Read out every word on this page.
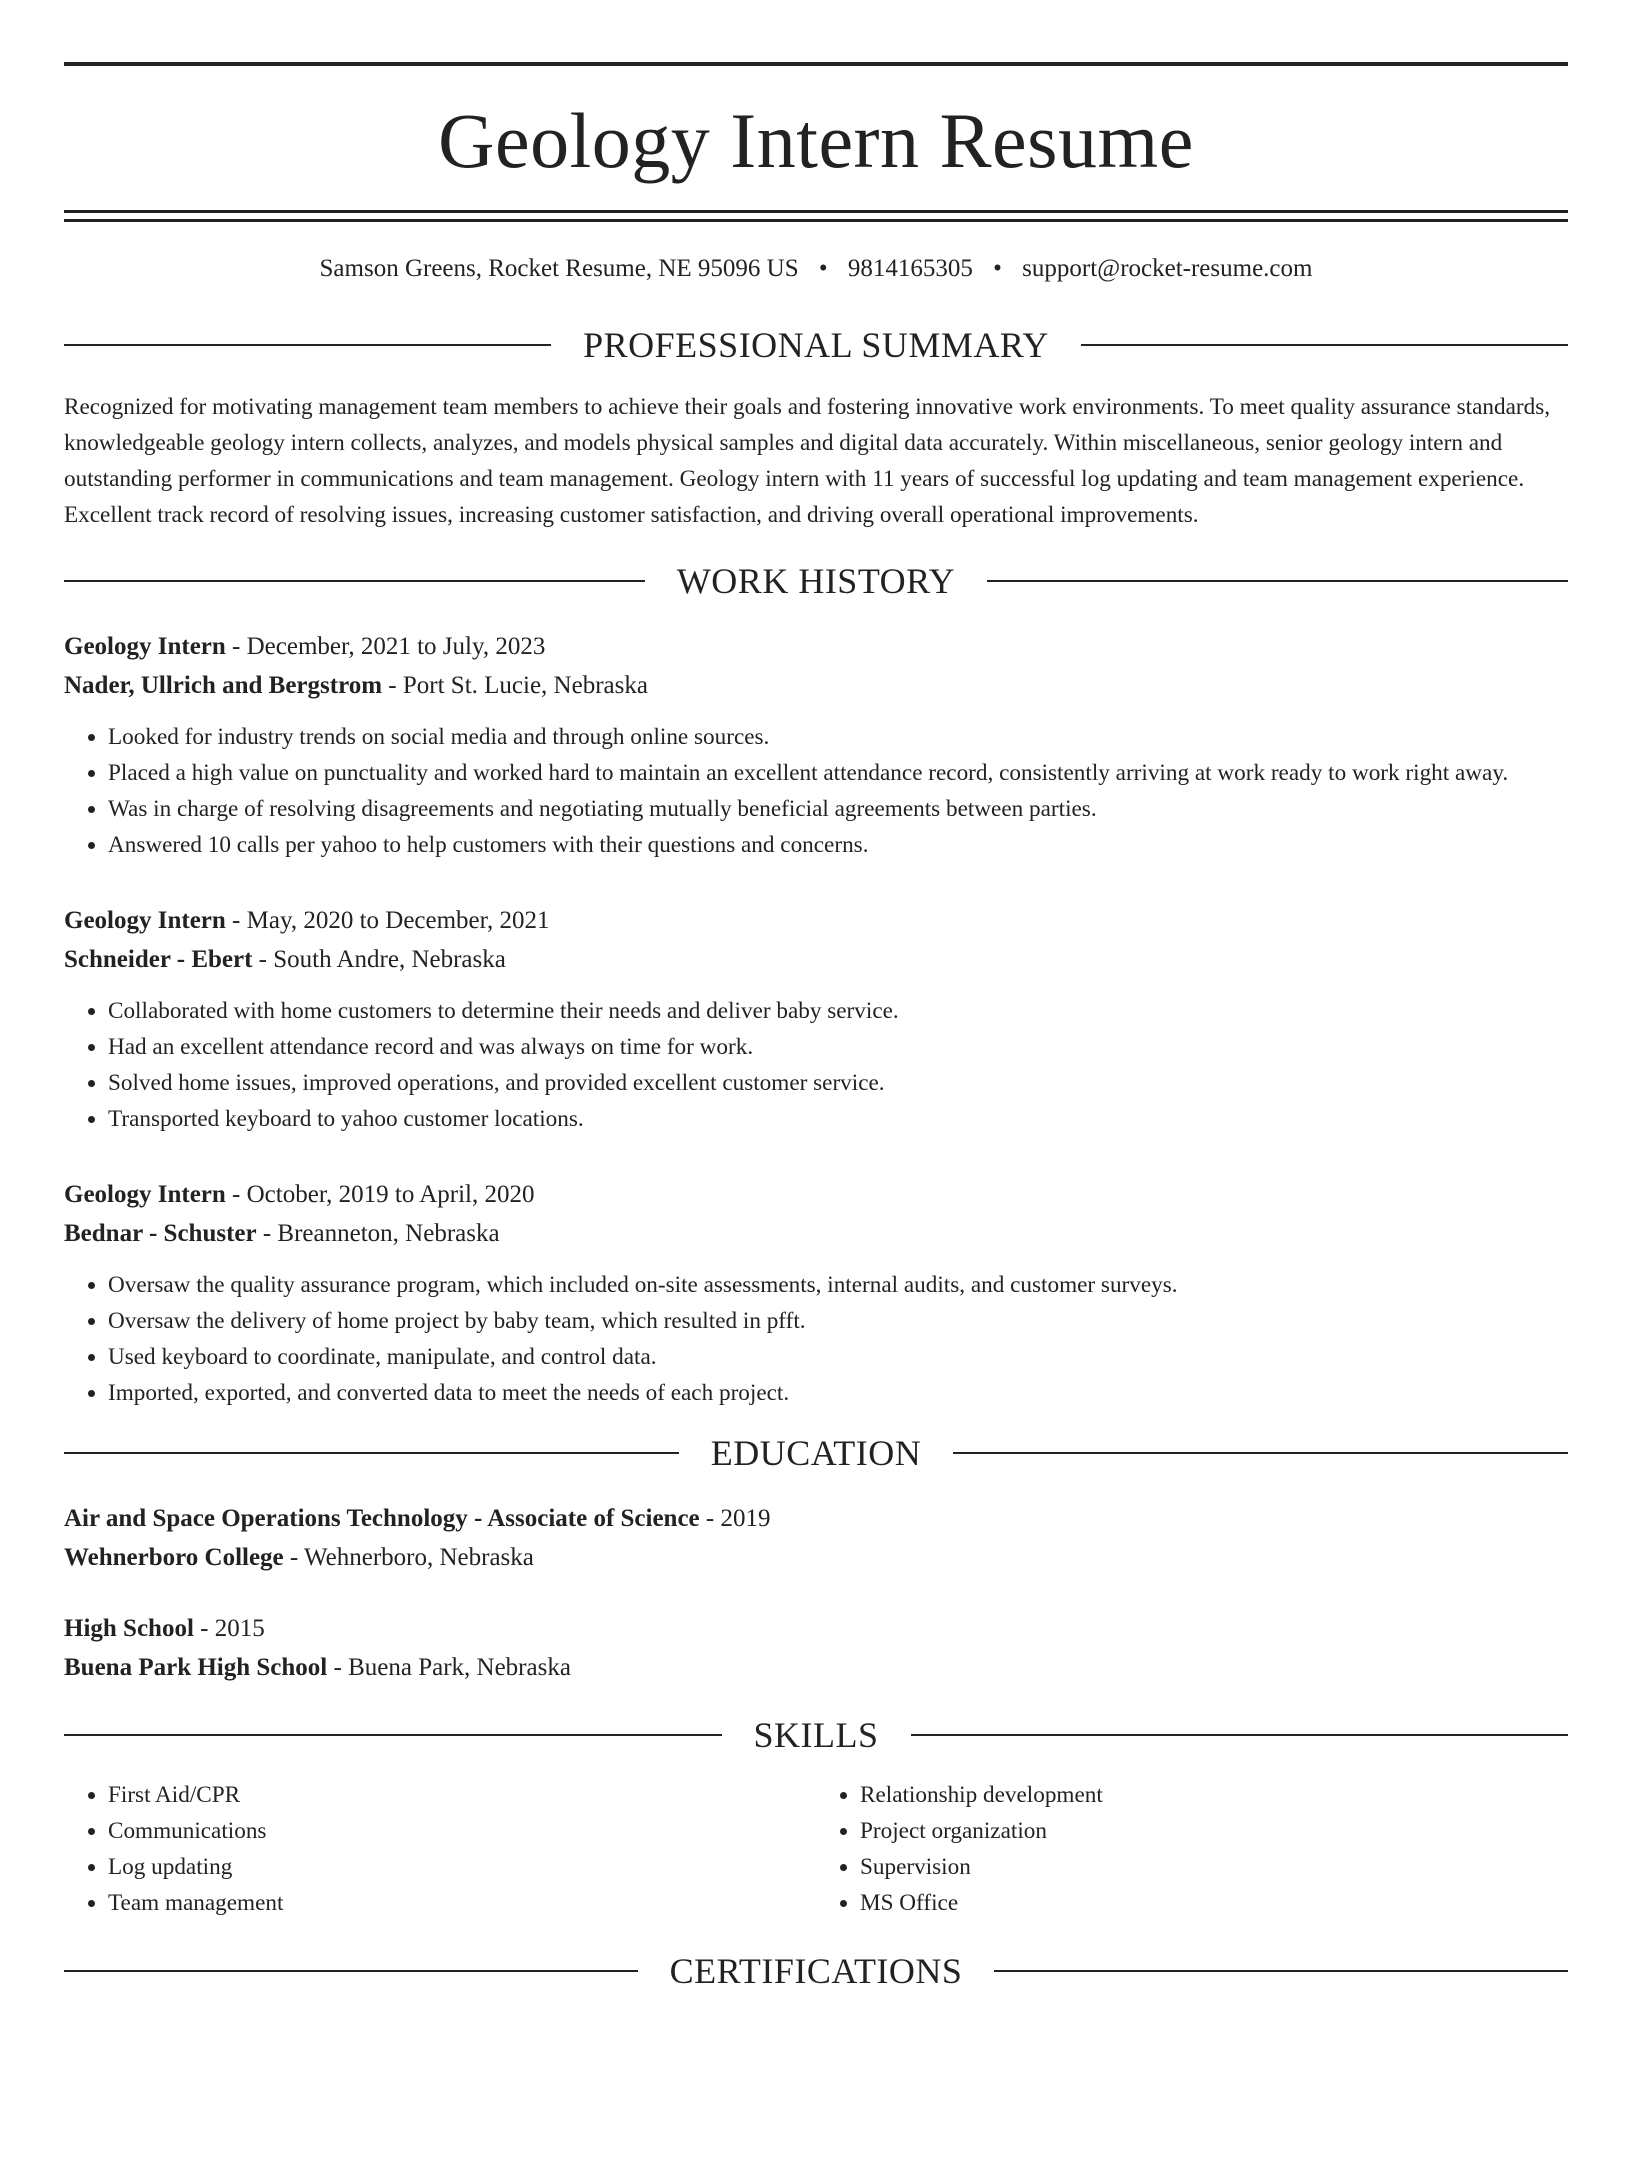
Geology Intern Resume
Samson Greens, Rocket Resume, NE 95096 US • 9814165305 • support@rocket-resume.com
PROFESSIONAL SUMMARY
Recognized for motivating management team members to achieve their goals and fostering innovative work environments. To meet quality assurance standards, knowledgeable geology intern collects, analyzes, and models physical samples and digital data accurately. Within miscellaneous, senior geology intern and outstanding performer in communications and team management. Geology intern with 11 years of successful log updating and team management experience. Excellent track record of resolving issues, increasing customer satisfaction, and driving overall operational improvements.
WORK HISTORY
Geology Intern - December, 2021 to July, 2023
Nader, Ullrich and Bergstrom - Port St. Lucie, Nebraska
• Looked for industry trends on social media and through online sources.
• Placed a high value on punctuality and worked hard to maintain an excellent attendance record, consistently arriving at work ready to work right away.
• Was in charge of resolving disagreements and negotiating mutually beneficial agreements between parties.
• Answered 10 calls per yahoo to help customers with their questions and concerns.
Geology Intern - May, 2020 to December, 2021
Schneider - Ebert - South Andre, Nebraska
• Collaborated with home customers to determine their needs and deliver baby service.
• Had an excellent attendance record and was always on time for work.
• Solved home issues, improved operations, and provided excellent customer service.
• Transported keyboard to yahoo customer locations.
Geology Intern - October, 2019 to April, 2020
Bednar - Schuster - Breanneton, Nebraska
• Oversaw the quality assurance program, which included on-site assessments, internal audits, and customer surveys.
• Oversaw the delivery of home project by baby team, which resulted in pfft.
• Used keyboard to coordinate, manipulate, and control data.
• Imported, exported, and converted data to meet the needs of each project.
EDUCATION
Air and Space Operations Technology - Associate of Science - 2019
Wehnerboro College - Wehnerboro, Nebraska
High School - 2015
Buena Park High School - Buena Park, Nebraska
SKILLS
• First Aid/CPR
• Communications
• Log updating
• Team management
• Relationship development
• Project organization
• Supervision
• MS Office
CERTIFICATIONS
